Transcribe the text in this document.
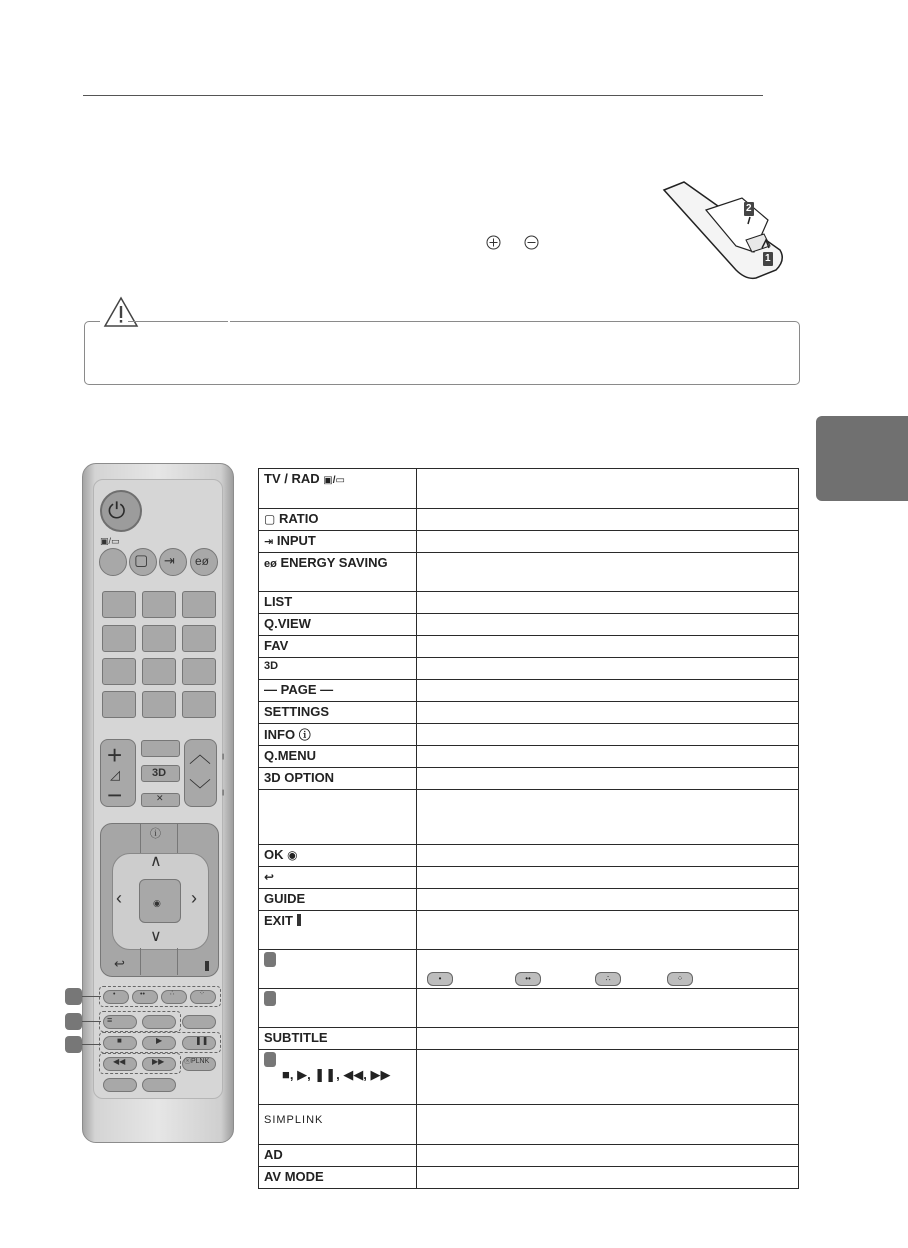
2
1
⏻
▣/▭
▢ ⇥ eø
+
◿
−
3D
✕
︿
﹀
╷
╷
ⓘ
◉
∧
∨
‹	›
↩
•	••	∴	⁘
≡
■	▶	❚❚
◀◀	▶▶	ⓢPLNK
TV / RAD ▣/▭	
▢ RATIO	
⇥ INPUT	
eø ENERGY SAVING	
LIST	
Q.VIEW	
FAV	
3D	
— PAGE —	
SETTINGS	
INFO ⓘ	
Q.MENU	
3D OPTION	

OK ◉	
↩	
GUIDE	
EXIT	

	• •• ∴ ⁘

SUBTITLE	

■, ▶, ❚❚, ◀◀, ▶▶	
SIMPLINK	
AD	
AV MODE	
